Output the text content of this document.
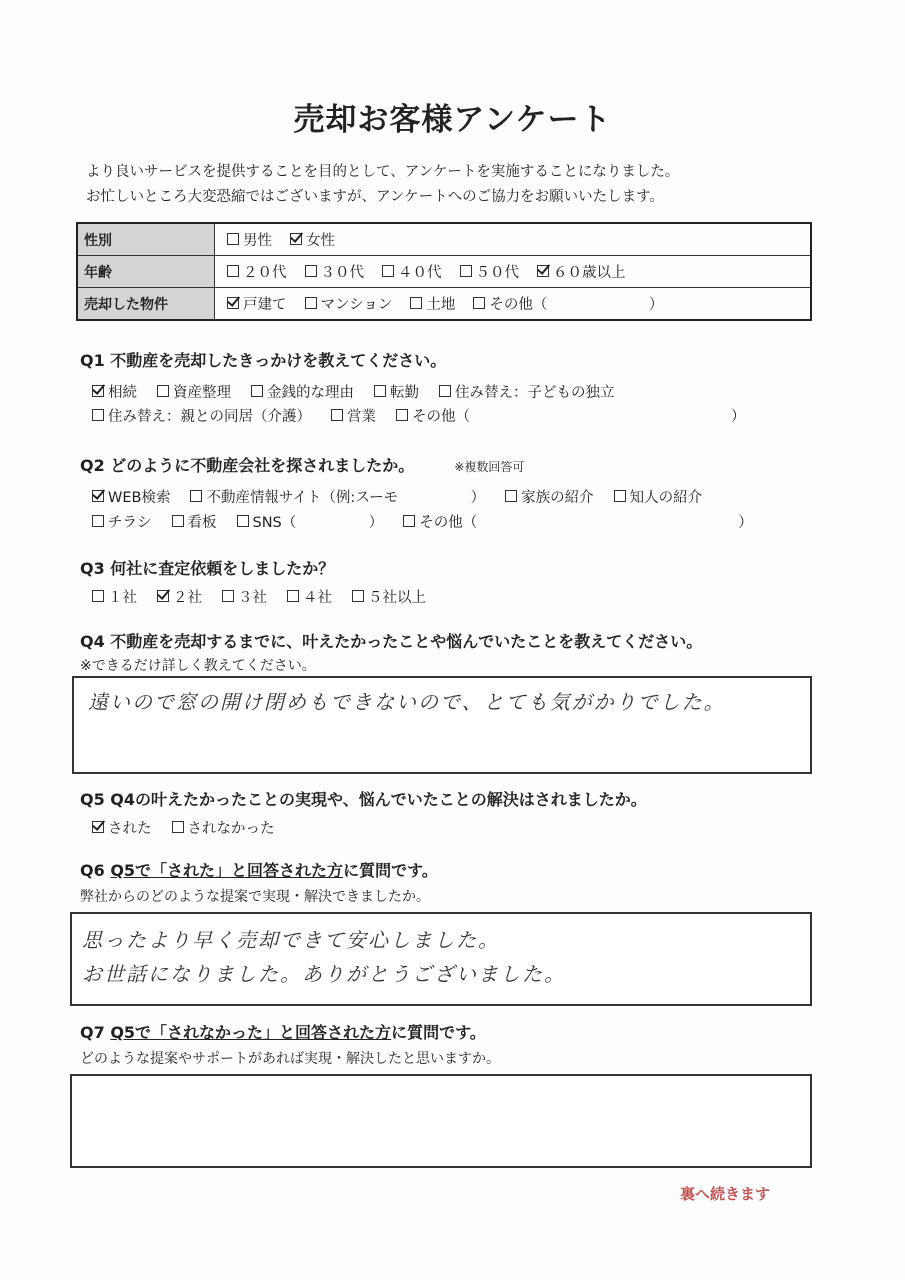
売却お客様アンケート
より良いサービスを提供することを目的として、アンケートを実施することになりました。
お忙しいところ大変恐縮ではございますが、アンケートへのご協力をお願いいたします。
性別	男性 女性
年齢	２０代 ３０代 ４０代 ５０代 ６０歳以上
売却した物件	戸建て マンション 土地 その他（　　　　　　　）
Q1 不動産を売却したきっかけを教えてください。
相続 資産整理 金銭的な理由 転勤 住み替え：子どもの独立
住み替え：親との同居（介護） 営業 その他（　　　　　　　　　　　　　　　　　　）
Q2 どのように不動産会社を探されましたか。	※複数回答可
WEB検索 不動産情報サイト（例:スーモ　　　　　） 家族の紹介 知人の紹介
チラシ 看板 SNS（　　　　　） その他（　　　　　　　　　　　　　　　　　　）
Q3 何社に査定依頼をしましたか？
１社 ２社 ３社 ４社 ５社以上
Q4 不動産を売却するまでに、叶えたかったことや悩んでいたことを教えてください。
※できるだけ詳しく教えてください。
遠いので窓の開け閉めもできないので、とても気がかりでした。
Q5 Q4の叶えたかったことの実現や、悩んでいたことの解決はされましたか。
された されなかった
Q6 Q5で「された」と回答された方に質問です。
弊社からのどのような提案で実現・解決できましたか。
思ったより早く売却できて安心しました。
お世話になりました。ありがとうございました。
Q7 Q5で「されなかった」と回答された方に質問です。
どのような提案やサポートがあれば実現・解決したと思いますか。
裏へ続きます
